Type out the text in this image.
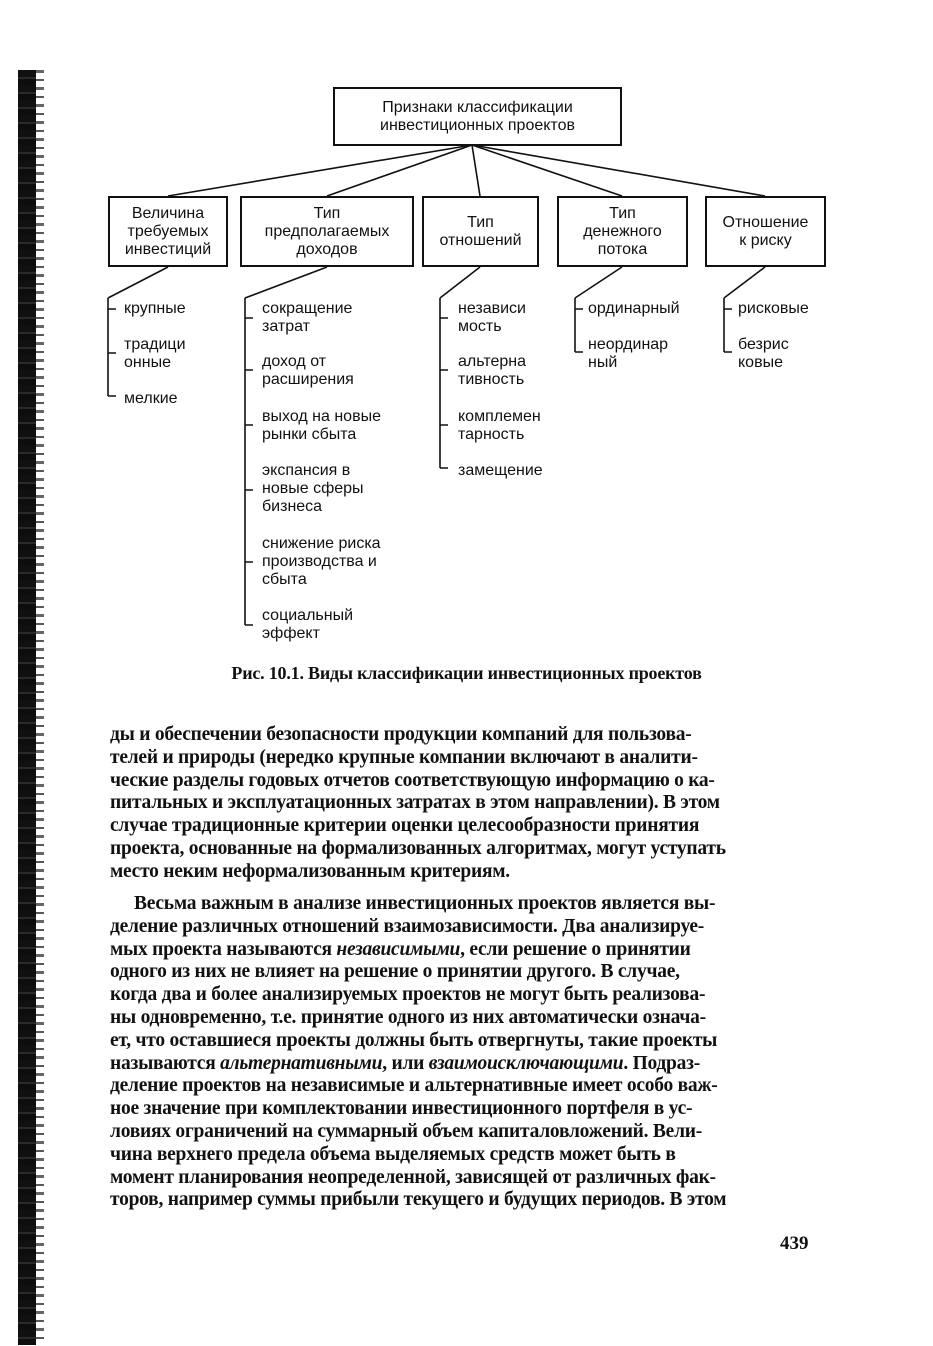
Признаки классификации
инвестиционных проектов
Величина
требуемых
инвестиций
Тип
предполагаемых
доходов
Тип
отношений
Тип
денежного
потока
Отношение
к риску
крупные
традици
онные
мелкие
сокращение
затрат
доход от
расширения
выход на новые
рынки сбыта
экспансия в
новые сферы
бизнеса
снижение риска
производства и
сбыта
социальный
эффект
независи
мость
альтерна
тивность
комплемен
тарность
замещение
ординарный
неординар
ный
рисковые
безрис
ковые
Рис. 10.1. Виды классификации инвестиционных проектов

ды и обеспечении безопасности продукции компаний для пользова-
телей и природы (нередко крупные компании включают в аналити-
ческие разделы годовых отчетов соответствующую информацию о ка-
питальных и эксплуатационных затратах в этом направлении). В этом
случае традиционные критерии оценки целесообразности принятия
проекта, основанные на формализованных алгоритмах, могут уступать
место неким неформализованным критериям.

Весьма важным в анализе инвестиционных проектов является вы-
деление различных отношений взаимозависимости. Два анализируе-
мых проекта называются независимыми, если решение о принятии
одного из них не влияет на решение о принятии другого. В случае,
когда два и более анализируемых проектов не могут быть реализова-
ны одновременно, т.е. принятие одного из них автоматически означа-
ет, что оставшиеся проекты должны быть отвергнуты, такие проекты
называются альтернативными, или взаимоисключающими. Подраз-
деление проектов на независимые и альтернативные имеет особо важ-
ное значение при комплектовании инвестиционного портфеля в ус-
ловиях ограничений на суммарный объем капиталовложений. Вели-
чина верхнего предела объема выделяемых средств может быть в
момент планирования неопределенной, зависящей от различных фак-
торов, например суммы прибыли текущего и будущих периодов. В этом

439
